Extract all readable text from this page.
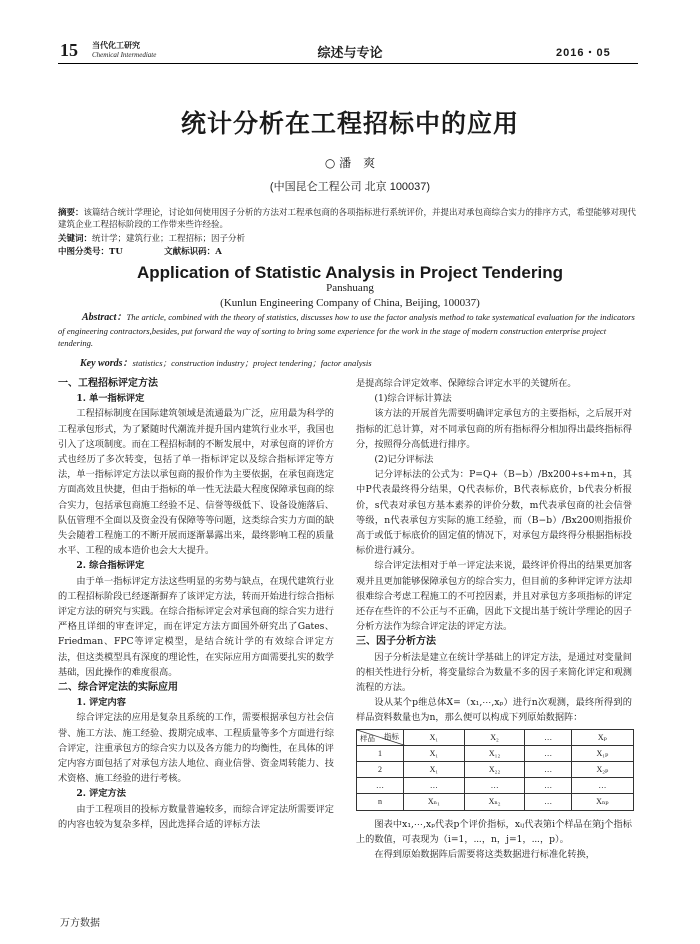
15 当代化工研究
Chemical Intermediate	综述与专论	2016・05
统计分析在工程招标中的应用
○ 潘　爽
(中国昆仑工程公司 北京 100037)
摘要：该篇结合统计学理论，讨论如何使用因子分析的方法对工程承包商的各项指标进行系统评价，并提出对承包商综合实力的排序方式，希望能够对现代建筑企业工程招标阶段的工作带来些许经验。
关键词：统计学；建筑行业；工程招标；因子分析
中图分类号：TU	文献标识码：A
Application of Statistic Analysis in Project Tendering
Panshuang
(Kunlun Engineering Company of China, Beijing, 100037)
Abstract：The article, combined with the theory of statistics, discusses how to use the factor analysis method to take systematical evaluation for the indicators of engineering contractors,besides, put forward the way of sorting to bring some experience for the work in the stage of modern construction enterprise project tendering.
Key words：statistics；construction industry；project tendering；factor analysis
一、工程招标评定方法
1. 单一指标评定

工程招标制度在国际建筑领域是流通最为广泛，应用最为科学的工程承包形式，为了紧随时代潮流并提升国内建筑行业水平，我国也引入了这项制度。而在工程招标制的不断发展中，对承包商的评价方式也经历了多次转变，包括了单一指标评定以及综合指标评定等方法，单一指标评定方法以承包商的报价作为主要依据，在承包商选定方面高效且快捷，但由于指标的单一性无法最大程度保障承包商的综合实力，包括承包商施工经验不足、信誉等级低下、设备设施落后、队伍管理不全面以及资金没有保障等等问题，这类综合实力方面的缺失会随着工程施工的不断开展而逐渐暴露出来，最终影响工程的质量水平、工程的成本造价也会大大提升。

2. 综合指标评定

由于单一指标评定方法这些明显的劣势与缺点，在现代建筑行业的工程招标阶段已经逐渐摒弃了该评定方法，转而开始进行综合指标评定方法的研究与实践。在综合指标评定会对承包商的综合实力进行严格且详细的审查评定，而在评定方法方面国外研究出了Gates、Friedman、FPC等评定模型，是结合统计学的有效综合评定方法，但这类模型具有深度的理论性，在实际应用方面需要扎实的数学基础，因此操作的难度很高。

二、综合评定法的实际应用
1. 评定内容

综合评定法的应用是复杂且系统的工作，需要根据承包方社会信誉、施工方法、施工经验、拨期完成率、工程质量等多个方面进行综合评定，注重承包方的综合实力以及各方能力的均衡性，在具体的评定内容方面包括了对承包方法人地位、商业信誉、资金周转能力、技术资格、施工经验的进行考核。

2. 评定方法

由于工程项目的投标方数量普遍较多，而综合评定法所需要评定的内容也较为复杂多样，因此选择合适的评标方法

是提高综合评定效率、保障综合评定水平的关键所在。

(1)综合评标计算法

该方法的开展首先需要明确评定承包方的主要指标，之后展开对指标的汇总计算，对不同承包商的所有指标得分相加得出最终指标得分，按照得分高低进行排序。

(2)记分评标法

记分评标法的公式为：P=Q+（B−b）/Bx200+s+m+n，其中P代表最终得分结果，Q代表标价，B代表标底价，b代表分析报价，s代表对承包方基本素养的评价分数，m代表承包商的社会信誉等级，n代表承包方实际的施工经验，而（B−b）/Bx200则指报价高于或低于标底价的固定值的情况下，对承包方最终得分根据指标投标价进行减分。

综合评定法相对于单一评定法来说，最终评价得出的结果更加客观并且更加能够保障承包方的综合实力，但目前的多种评定评方法却很难综合考虑工程施工的不可控因素，并且对承包方多项指标的评定还存在些许的不公正与不正确，因此下文提出基于统计学理论的因子分析方法作为综合评定法的评定方法。

三、因子分析方法

因子分析法是建立在统计学基础上的评定方法，是通过对变量间的相关性进行分析，将变量综合为数量不多的因子来简化评定和观测流程的方法。

设从某个p维总体X=（x₁,⋯,xₚ）进行n次观测，最终所得到的样品资料数量也为n，那么便可以构成下列原始数据阵：

指标
样品	X₁	X₂	…	Xₚ
1	X₁	X₁₂	…	X₁ₚ
2	X₁	X₂₂	…	X₂ₚ
…	…	…	…	…
n	Xₙ₁	Xₙ₂	…	Xₙₚ

图表中x₁,⋯,xₚ代表p个评价指标，xᵢⱼ代表第i个样品在第j个指标上的数值，可表现为（i=1，⋯，n，j=1，⋯，p）。

在得到原始数据阵后需要将这类数据进行标准化转换，

万方数据
